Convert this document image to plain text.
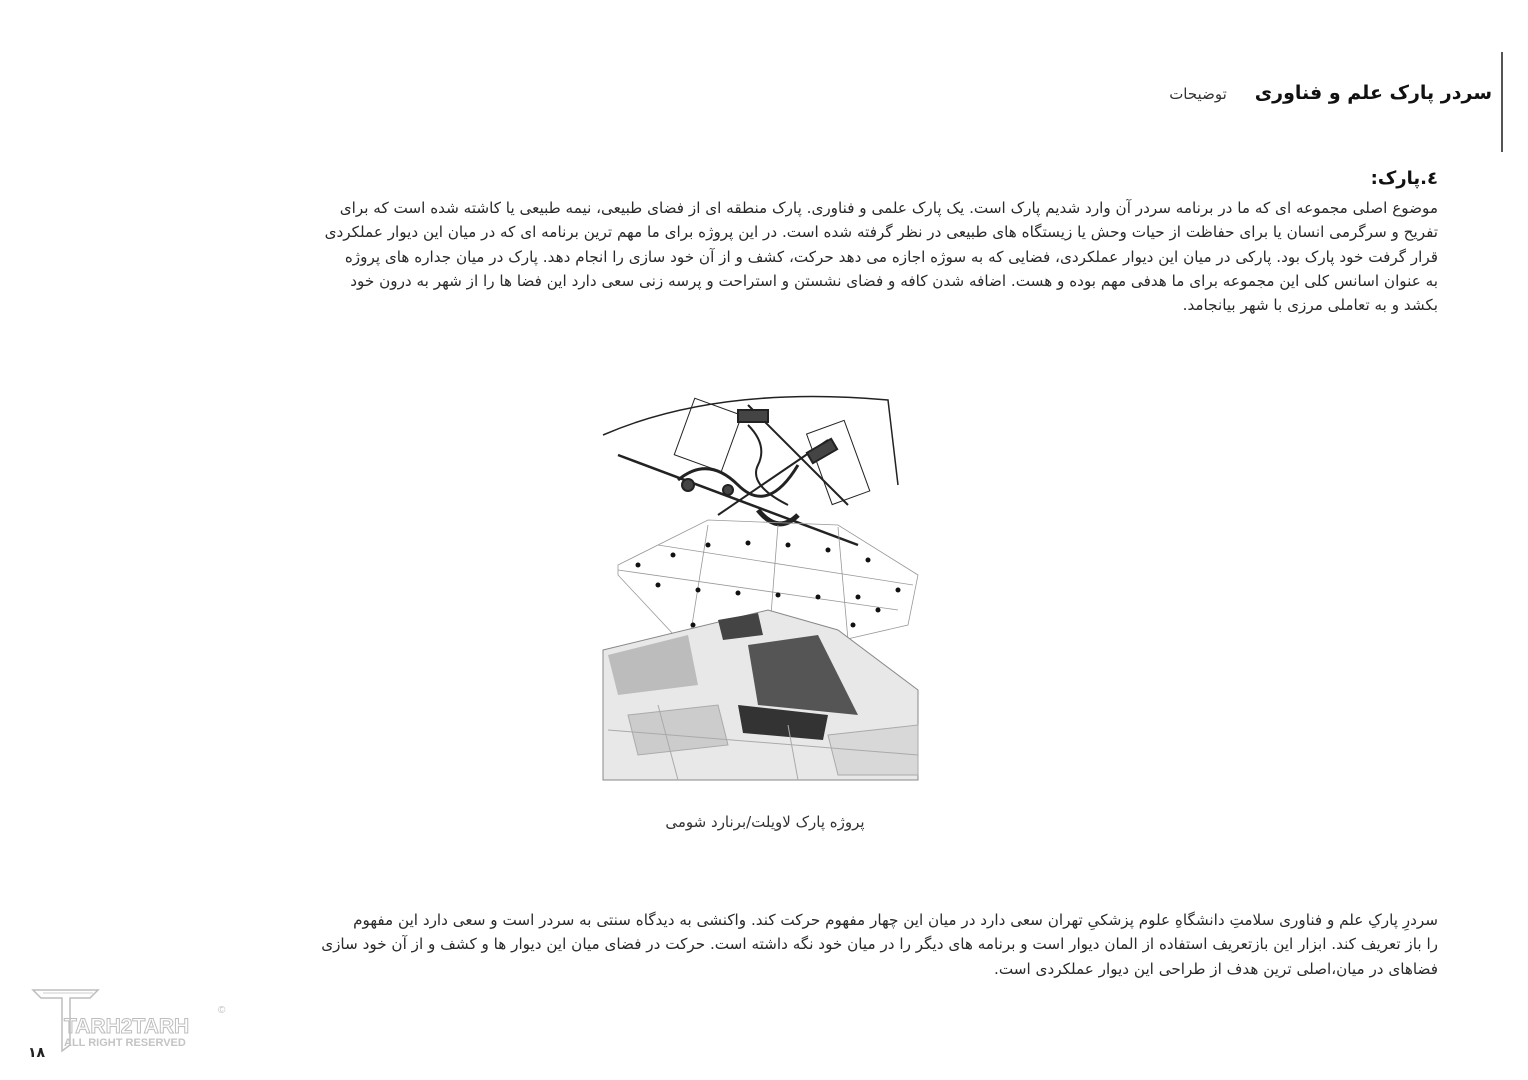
سردر پارک علم و فناوری
توضیحات
٤.پارک:
موضوع اصلی مجموعه ای که ما در برنامه سردر آن وارد شدیم پارک است. یک پارک علمی و فناوری. پارک منطقه ای از فضای طبیعی، نیمه طبیعی یا کاشته شده است که برای
تفریح و سرگرمی انسان یا برای حفاظت از حیات وحش یا زیستگاه های طبیعی در نظر گرفته شده است. در این پروژه برای ما مهم ترین برنامه ای که در میان این دیوار عملکردی
قرار گرفت خود پارک بود. پارکی در میان این دیوار عملکردی، فضایی که به سوژه اجازه می دهد حرکت، کشف و از آن خود سازی را انجام دهد. پارک در میان جداره های پروژه
به عنوان اسانس کلی این مجموعه برای ما هدفی مهم بوده و هست. اضافه شدن کافه و فضای نشستن و استراحت و پرسه زنی سعی دارد این فضا ها را از شهر به درون خود
بکشد و به تعاملی مرزی با شهر بیانجامد.
پروژه پارک لاویلت/برنارد شومی
سردرِ پارکِ علم و فناوری سلامتِ دانشگاهِ علوم پزشکیِ تهران سعی دارد در میان این چهار مفهوم حرکت کند. واکنشی به دیدگاه سنتی به سردر است و سعی دارد این مفهوم
را باز تعریف کند. ابزار این بازتعریف استفاده از المان دیوار است و برنامه های دیگر را در میان خود نگه داشته است. حرکت در فضای میان این دیوار ها و کشف و از آن خود سازی
فضاهای در میان،اصلی ترین هدف از طراحی این دیوار عملکردی است.
TARH2TARH
ALL RIGHT RESERVED
©
۱۸
